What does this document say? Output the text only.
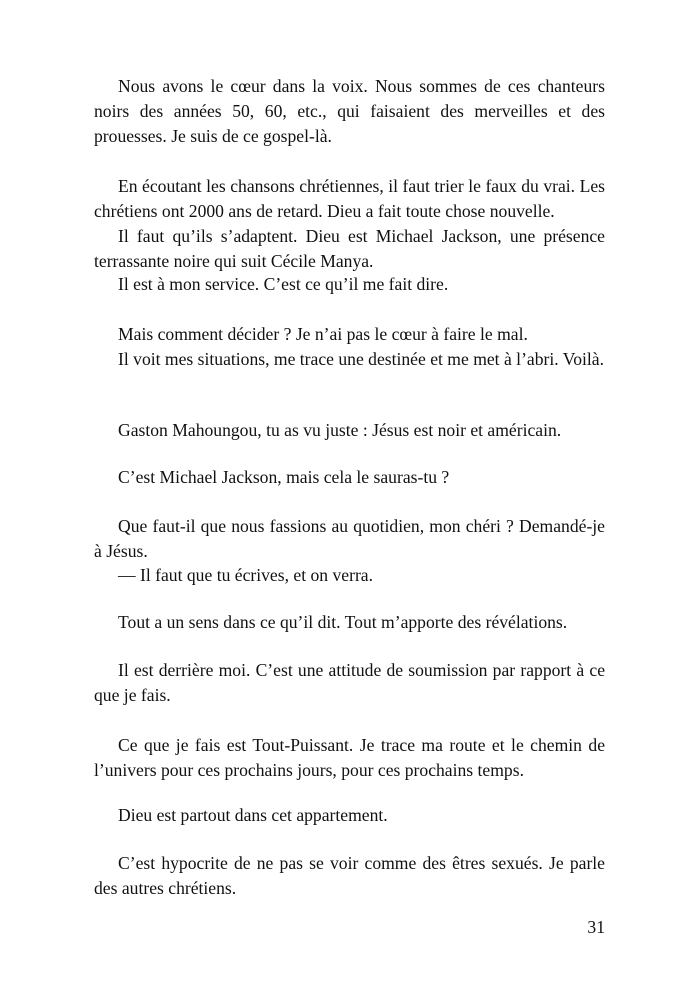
Nous avons le cœur dans la voix. Nous sommes de ces chanteurs noirs des années 50, 60, etc., qui faisaient des merveilles et des prouesses. Je suis de ce gospel-là.

En écoutant les chansons chrétiennes, il faut trier le faux du vrai. Les chrétiens ont 2000 ans de retard. Dieu a fait toute chose nouvelle.

Il faut qu’ils s’adaptent. Dieu est Michael Jackson, une présence terrassante noire qui suit Cécile Manya.

Il est à mon service. C’est ce qu’il me fait dire.

Mais comment décider ? Je n’ai pas le cœur à faire le mal.

Il voit mes situations, me trace une destinée et me met à l’abri. Voilà.

Gaston Mahoungou, tu as vu juste : Jésus est noir et américain.

C’est Michael Jackson, mais cela le sauras-tu ?

Que faut-il que nous fassions au quotidien, mon chéri ? Demandé-je à Jésus.

— Il faut que tu écrives, et on verra.

Tout a un sens dans ce qu’il dit. Tout m’apporte des révélations.

Il est derrière moi. C’est une attitude de soumission par rapport à ce que je fais.

Ce que je fais est Tout-Puissant. Je trace ma route et le chemin de l’univers pour ces prochains jours, pour ces prochains temps.

Dieu est partout dans cet appartement.

C’est hypocrite de ne pas se voir comme des êtres sexués. Je parle des autres chrétiens.

31
